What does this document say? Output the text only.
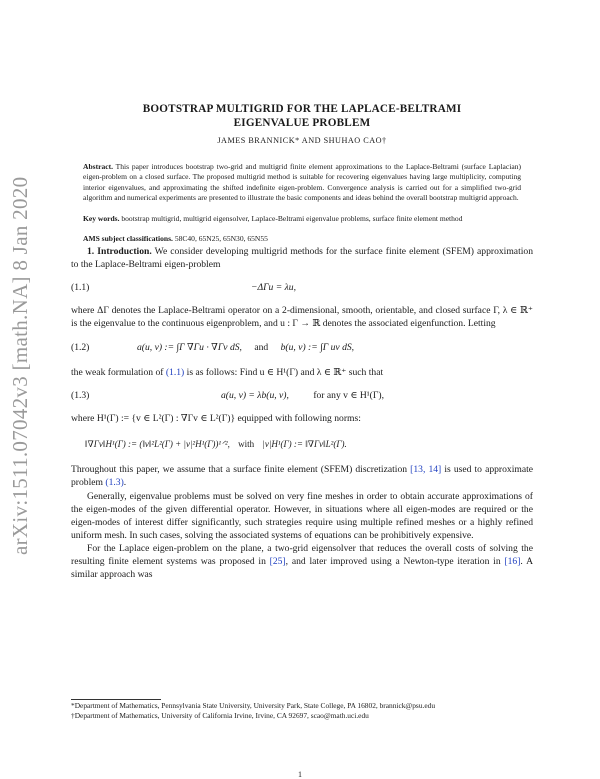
arXiv:1511.07042v3 [math.NA] 8 Jan 2020
BOOTSTRAP MULTIGRID FOR THE LAPLACE-BELTRAMI
EIGENVALUE PROBLEM
JAMES BRANNICK* AND SHUHAO CAO†
Abstract. This paper introduces bootstrap two-grid and multigrid finite element approximations to the Laplace-Beltrami (surface Laplacian) eigen-problem on a closed surface. The proposed multigrid method is suitable for recovering eigenvalues having large multiplicity, computing interior eigenvalues, and approximating the shifted indefinite eigen-problem. Convergence analysis is carried out for a simplified two-grid algorithm and numerical experiments are presented to illustrate the basic components and ideas behind the overall bootstrap multigrid approach.
Key words. bootstrap multigrid, multigrid eigensolver, Laplace-Beltrami eigenvalue problems, surface finite element method
AMS subject classifications. 58C40, 65N25, 65N30, 65N55

1. Introduction. We consider developing multigrid methods for the surface finite element (SFEM) approximation to the Laplace-Beltrami eigen-problem

(1.1)	−ΔΓu = λu,

where ΔΓ denotes the Laplace-Beltrami operator on a 2-dimensional, smooth, orientable, and closed surface Γ, λ ∈ ℝ⁺ is the eigenvalue to the continuous eigenproblem, and u : Γ → ℝ denotes the associated eigenfunction. Letting

(1.2)	a(u, v) := ∫Γ ∇Γu · ∇Γv dS, and b(u, v) := ∫Γ uv dS,

the weak formulation of (1.1) is as follows: Find u ∈ H¹(Γ) and λ ∈ ℝ⁺ such that

(1.3)	a(u, v) = λb(u, v),	for any v ∈ H¹(Γ),

where H¹(Γ) := {v ∈ L²(Γ) : ∇Γv ∈ L²(Γ)} equipped with following norms:

‖∇Γv‖H¹(Γ) := (‖v‖²L²(Γ) + |v|²H¹(Γ))¹ᐟ², with |v|H¹(Γ) := ‖∇Γv‖L²(Γ).

Throughout this paper, we assume that a surface finite element (SFEM) discretization [13, 14] is used to approximate problem (1.3).

Generally, eigenvalue problems must be solved on very fine meshes in order to obtain accurate approximations of the eigen-modes of the given differential operator. However, in situations where all eigen-modes are required or the eigen-modes of interest differ significantly, such strategies require using multiple refined meshes or a highly refined uniform mesh. In such cases, solving the associated systems of equations can be prohibitively expensive.

For the Laplace eigen-problem on the plane, a two-grid eigensolver that reduces the overall costs of solving the resulting finite element systems was proposed in [25], and later improved using a Newton-type iteration in [16]. A similar approach was

*Department of Mathematics, Pennsylvania State University, University Park, State College, PA 16802, brannick@psu.edu
†Department of Mathematics, University of California Irvine, Irvine, CA 92697, scao@math.uci.edu
1
